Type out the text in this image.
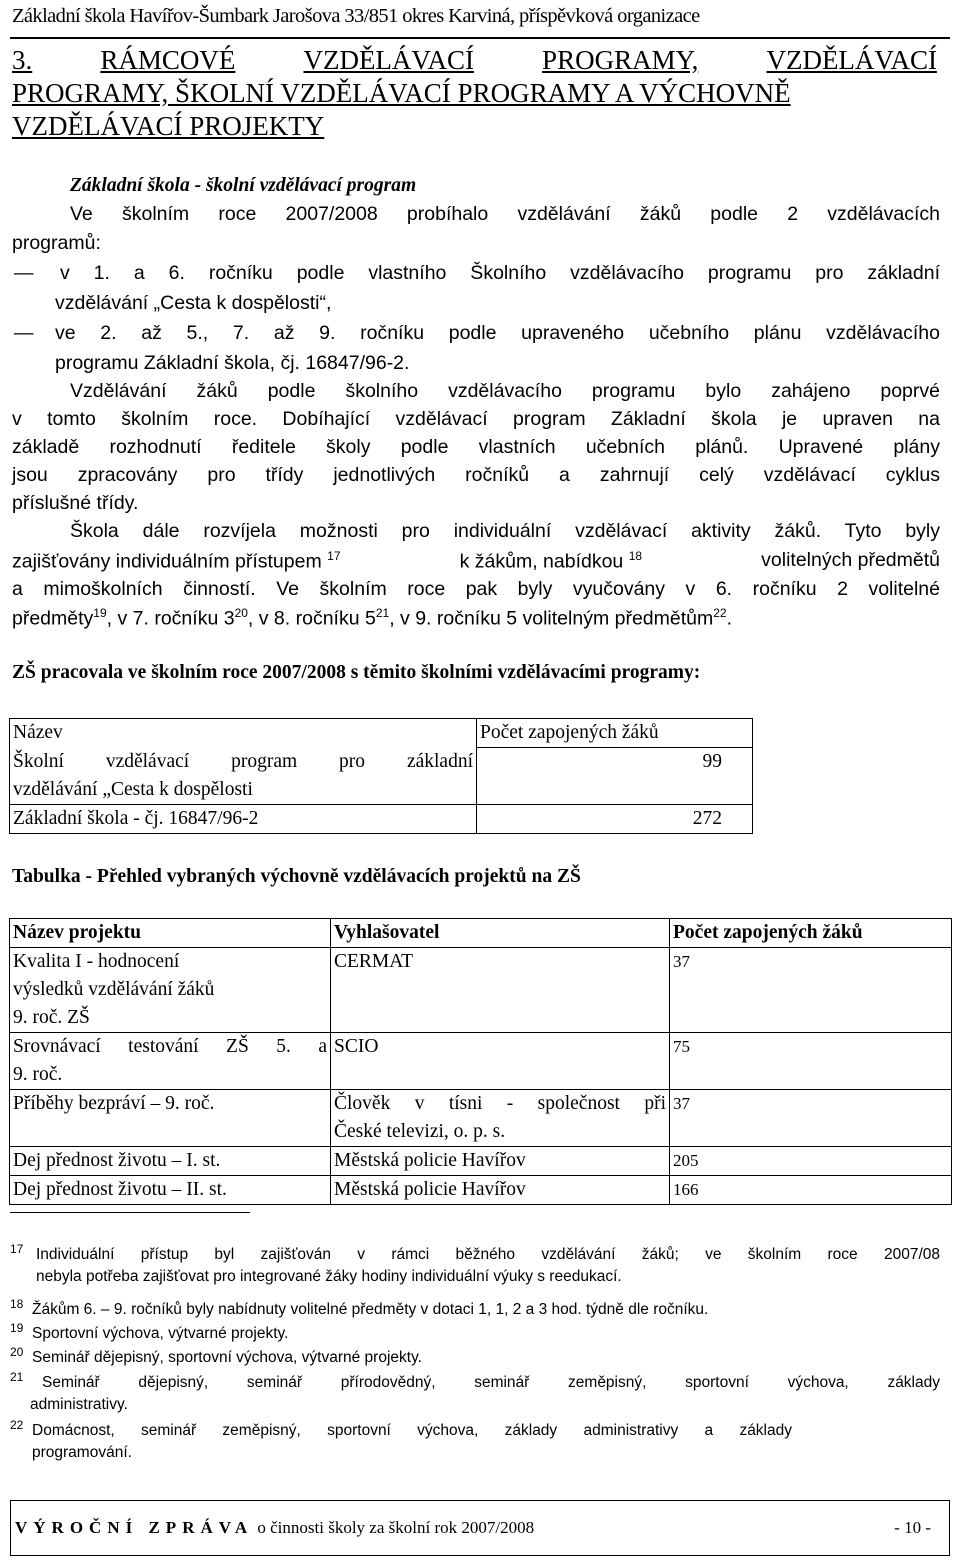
Základní škola Havířov-Šumbark Jarošova 33/851 okres Karviná, příspěvková organizace
3.	RÁMCOVÉ	VZDĚLÁVACÍ	PROGRAMY,	VZDĚLÁVACÍ
PROGRAMY, ŠKOLNÍ VZDĚLÁVACÍ PROGRAMY A VÝCHOVNĚ
VZDĚLÁVACÍ PROJEKTY
Základní škola - školní vzdělávací program
Ve školním roce 2007/2008 probíhalo vzdělávání žáků podle 2 vzdělávacích
programů:
— v 1. a 6. ročníku podle vlastního Školního vzdělávacího programu pro základní
vzdělávání „Cesta k dospělosti“,
— ve 2. až 5., 7. až 9. ročníku podle upraveného učebního plánu vzdělávacího
programu Základní škola, čj. 16847/96-2.
Vzdělávání žáků podle školního vzdělávacího programu bylo zahájeno poprvé
v tomto školním roce. Dobíhající vzdělávací program Základní škola je upraven na
základě rozhodnutí ředitele školy podle vlastních učebních plánů. Upravené plány
jsou zpracovány pro třídy jednotlivých ročníků a zahrnují celý vzdělávací cyklus
příslušné třídy.
Škola dále rozvíjela možnosti pro individuální vzdělávací aktivity žáků. Tyto byly
zajišťovány individuálním přístupem $^{17}$	k žákům, nabídkou $^{18}$	volitelných předmětů
a mimoškolních činností. Ve školním roce pak byly vyučovány v 6. ročníku 2 volitelné
předměty$^{19}$, v 7. ročníku $3^{20}$, v 8. ročníku $5^{21}$, v 9. ročníku 5 volitelným předmětům$^{22}$.
ZŠ pracovala ve školním roce 2007/2008 s těmito školními vzdělávacími programy:
Název	Počet zapojených žáků

Školní vzdělávací program pro základní
vzdělávání „Cesta k dospělosti	99
Základní škola - čj. 16847/96-2	272
Tabulka - Přehled vybraných výchovně vzdělávacích projektů na ZŠ
Název projektu	Vyhlašovatel	Počet zapojených žáků

Kvalita I - hodnocení
výsledků vzdělávání žáků
9. roč. ZŠ	CERMAT	37

Srovnávací testování ZŠ 5. a
9. roč.	SCIO	75

Příběhy bezpráví – 9. roč.	Člověk v tísni - společnost při
České televizi, o. p. s.	37

Dej přednost životu – I. st.	Městská policie Havířov	205

Dej přednost životu – II. st.	Městská policie Havířov	166
17 Individuální přístup byl zajišťován v rámci běžného vzdělávání žáků; ve školním roce 2007/08
nebyla potřeba zajišťovat pro integrované žáky hodiny individuální výuky s reedukací.
18 Žákům 6. – 9. ročníků byly nabídnuty volitelné předměty v dotaci 1, 1, 2 a 3 hod. týdně dle ročníku.
19 Sportovní výchova, výtvarné projekty.
20 Seminář dějepisný, sportovní výchova, výtvarné projekty.
21 Seminář dějepisný, seminář přírodovědný, seminář zeměpisný, sportovní výchova, základy
administrativy.
22 Domácnost, seminář zeměpisný, sportovní výchova, základy administrativy a základy
programování.
VÝROČNÍ ZPRÁVA o činnosti školy za školní rok 2007/2008	- 10 -
